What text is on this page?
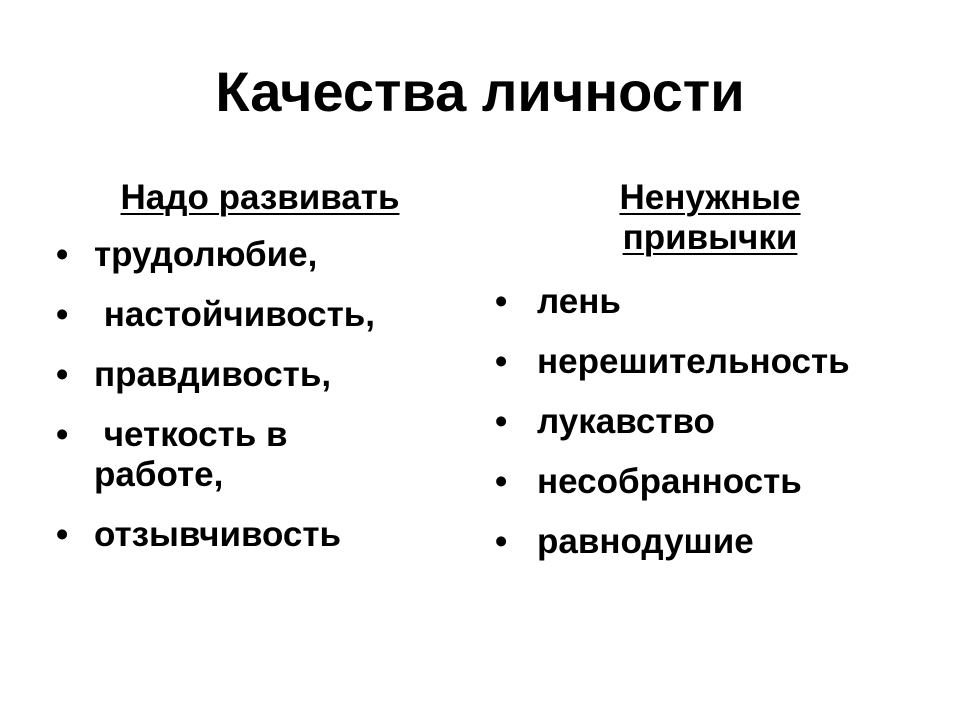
Качества личности
Надо развивать
• трудолюбие,
• настойчивость,
• правдивость,
• четкость в работе,
• отзывчивость
Ненужные привычки
• лень
• нерешительность
• лукавство
• несобранность
• равнодушие
